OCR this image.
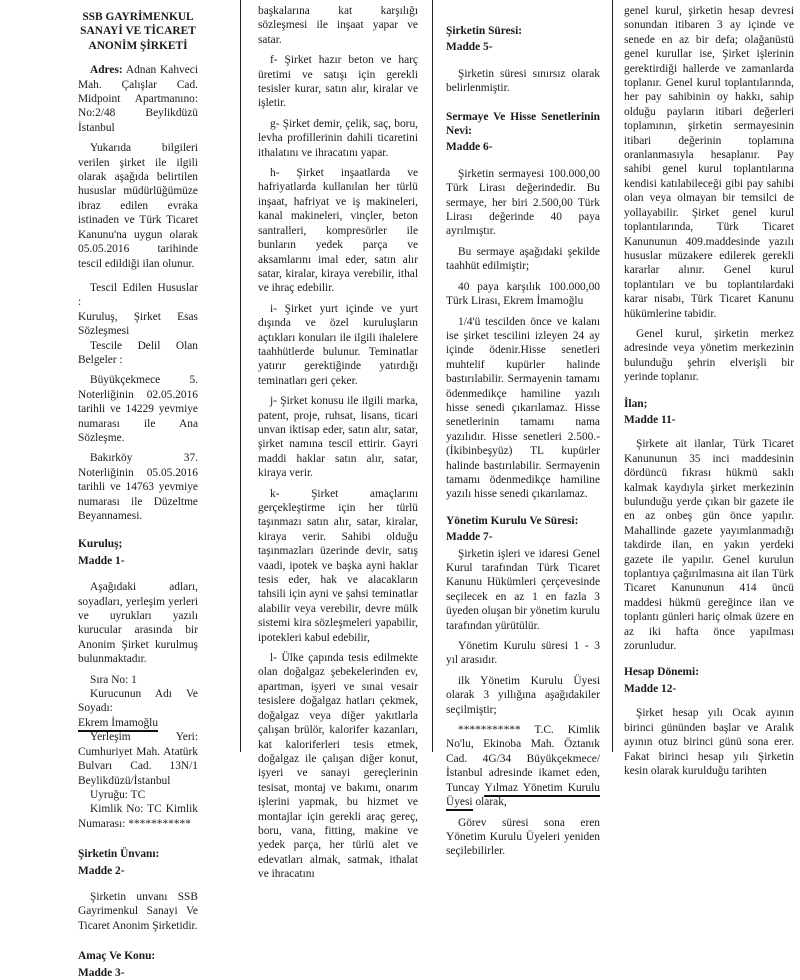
SSB GAYRİMENKUL SANAYİ VE TİCARET ANONİM ŞİRKETİ

Adres: Adnan Kahveci Mah. Çalışlar Cad. Midpoint Apartmanıno: No:2/48 Beylikdüzü İstanbul

Yukarıda bilgileri verilen şirket ile ilgili olarak aşağıda belirtilen hususlar müdürlüğümüze ibraz edilen evraka istinaden ve Türk Ticaret Kanunu'na uygun olarak 05.05.2016 tarihinde tescil edildiği ilan olunur.

Tescil Edilen Hususlar :

Kuruluş, Şirket Esas Sözleşmesi

Tescile Delil Olan Belgeler :

Büyükçekmece 5. Noterliğinin 02.05.2016 tarihli ve 14229 yevmiye numarası ile Ana Sözleşme.

Bakırköy 37. Noterliğinin 05.05.2016 tarihli ve 14763 yevmiye numarası ile Düzeltme Beyannamesi.

Kuruluş;
Madde 1-

Aşağıdaki adları, soyadları, yerleşim yerleri ve uyrukları yazılı kurucular arasında bir Anonim Şirket kurulmuş bulunmaktadır.

Sıra No: 1

Kurucunun Adı Ve Soyadı:

Ekrem İmamoğlu

Yerleşim Yeri: Cumhuriyet Mah. Atatürk Bulvarı Cad. 13N/1 Beylikdüzü/İstanbul

Uyruğu: TC

Kimlik No: TC Kimlik Numarası: ***********

Şirketin Ünvanı:
Madde 2-

Şirketin unvanı SSB Gayrimenkul Sanayi Ve Ticaret Anonim Şirketidir.

Amaç Ve Konu:
Madde 3-

başkalarına kat karşılığı sözleşmesi ile inşaat yapar ve satar.

f- Şirket hazır beton ve harç üretimi ve satışı için gerekli tesisler kurar, satın alır, kiralar ve işletir.

g- Şirket demir, çelik, saç, boru, levha profillerinin dahili ticaretini ithalatını ve ihracatını yapar.

h- Şirket inşaatlarda ve hafriyatlarda kullanılan her türlü inşaat, hafriyat ve iş makineleri, kanal makineleri, vinçler, beton santralleri, kompresörler ile bunların yedek parça ve aksamlarını imal eder, satın alır satar, kiralar, kiraya verebilir, ithal ve ihraç edebilir.

i- Şirket yurt içinde ve yurt dışında ve özel kuruluşların açtıkları konuları ile ilgili ihalelere taahhütlerde bulunur. Teminatlar yatırır gerektiğinde yatırdığı teminatları geri çeker.

j- Şirket konusu ile ilgili marka, patent, proje, ruhsat, lisans, ticari unvan iktisap eder, satın alır, satar, şirket namına tescil ettirir. Gayri maddi haklar satın alır, satar, kiraya verir.

k- Şirket amaçlarını gerçekleştirme için her türlü taşınmazı satın alır, satar, kiralar, kiraya verir. Sahibi olduğu taşınmazları üzerinde devir, satış vaadi, ipotek ve başka ayni haklar tesis eder, hak ve alacakların tahsili için ayni ve şahsi teminatlar alabilir veya verebilir, devre mülk sistemi kira sözleşmeleri yapabilir, ipotekleri kabul edebilir,

l- Ülke çapında tesis edilmekte olan doğalgaz şebekelerinden ev, apartman, işyeri ve sınai vesair tesislere doğalgaz hatları çekmek, doğalgaz veya diğer yakıtlarla çalışan brülör, kalorifer kazanları, kat kaloriferleri tesis etmek, doğalgaz ile çalışan diğer konut, işyeri ve sanayi gereçlerinin tesisat, montaj ve bakımı, onarım işlerini yapmak, bu hizmet ve montajlar için gerekli araç gereç, boru, vana, fitting, makine ve yedek parça, her türlü alet ve edevatları almak, satmak, ithalat ve ihracatını

Şirketin Süresi:
Madde 5-

Şirketin süresi sınırsız olarak belirlenmiştir.

Sermaye Ve Hisse Senetlerinin Nevi:
Madde 6-

Şirketin sermayesi 100.000,00 Türk Lirası değerindedir. Bu sermaye, her biri 2.500,00 Türk Lirası değerinde 40 paya ayrılmıştır.

Bu sermaye aşağıdaki şekilde taahhüt edilmiştir;

40 paya karşılık 100.000,00 Türk Lirası, Ekrem İmamoğlu

1/4'ü tescilden önce ve kalanı ise şirket tescilini izleyen 24 ay içinde ödenir.Hisse senetleri muhtelif kupürler halinde bastırılabilir. Sermayenin tamamı ödenmedikçe hamiline yazılı hisse senedi çıkarılamaz. Hisse senetlerinin tamamı nama yazılıdır. Hisse senetleri 2.500.-(İkibinbeşyüz) TL kupürler halinde bastırılabilir. Sermayenin tamamı ödenmedikçe hamiline yazılı hisse senedi çıkarılamaz.

Yönetim Kurulu Ve Süresi:
Madde 7-

Şirketin işleri ve idaresi Genel Kurul tarafından Türk Ticaret Kanunu Hükümleri çerçevesinde seçilecek en az 1 en fazla 3 üyeden oluşan bir yönetim kurulu tarafından yürütülür.

Yönetim Kurulu süresi 1 - 3 yıl arasıdır.

ilk Yönetim Kurulu Üyesi olarak 3 yıllığına aşağıdakiler seçilmiştir;

*********** T.C. Kimlik No'lu, Ekinoba Mah. Öztanık Cad. 4G/34 Büyükçekmece/İstanbul adresinde ikamet eden, Tuncay Yılmaz Yönetim Kurulu Üyesi olarak,

Görev süresi sona eren Yönetim Kurulu Üyeleri yeniden seçilebilirler.

genel kurul, şirketin hesap devresi sonundan itibaren 3 ay içinde ve senede en az bir defa; olağanüstü genel kurullar ise, Şirket işlerinin gerektirdiği hallerde ve zamanlarda toplanır. Genel kurul toplantılarında, her pay sahibinin oy hakkı, sahip olduğu payların itibari değerleri toplamının, şirketin sermayesinin itibari değerinin toplamına oranlanmasıyla hesaplanır. Pay sahibi genel kurul toplantılarına kendisi katılabileceği gibi pay sahibi olan veya olmayan bir temsilci de yollayabilir. Şirket genel kurul toplantılarında, Türk Ticaret Kanununun 409.maddesinde yazılı hususlar müzakere edilerek gerekli kararlar alınır. Genel kurul toplantıları ve bu toplantılardaki karar nisabı, Türk Ticaret Kanunu hükümlerine tabidir.

Genel kurul, şirketin merkez adresinde veya yönetim merkezinin bulunduğu şehrin elverişli bir yerinde toplanır.

İlan;
Madde 11-

Şirkete ait ilanlar, Türk Ticaret Kanununun 35 inci maddesinin dördüncü fıkrası hükmü saklı kalmak kaydıyla şirket merkezinin bulunduğu yerde çıkan bir gazete ile en az onbeş gün önce yapılır. Mahallinde gazete yayımlanmadığı takdirde ilan, en yakın yerdeki gazete ile yapılır. Genel kurulun toplantıya çağırılmasına ait ilan Türk Ticaret Kanununun 414 üncü maddesi hükmü gereğince ilan ve toplantı günleri hariç olmak üzere en az iki hafta önce yapılması zorunludur.

Hesap Dönemi:
Madde 12-

Şirket hesap yılı Ocak ayının birinci gününden başlar ve Aralık ayının otuz birinci günü sona erer. Fakat birinci hesap yılı Şirketin kesin olarak kurulduğu tarihten
